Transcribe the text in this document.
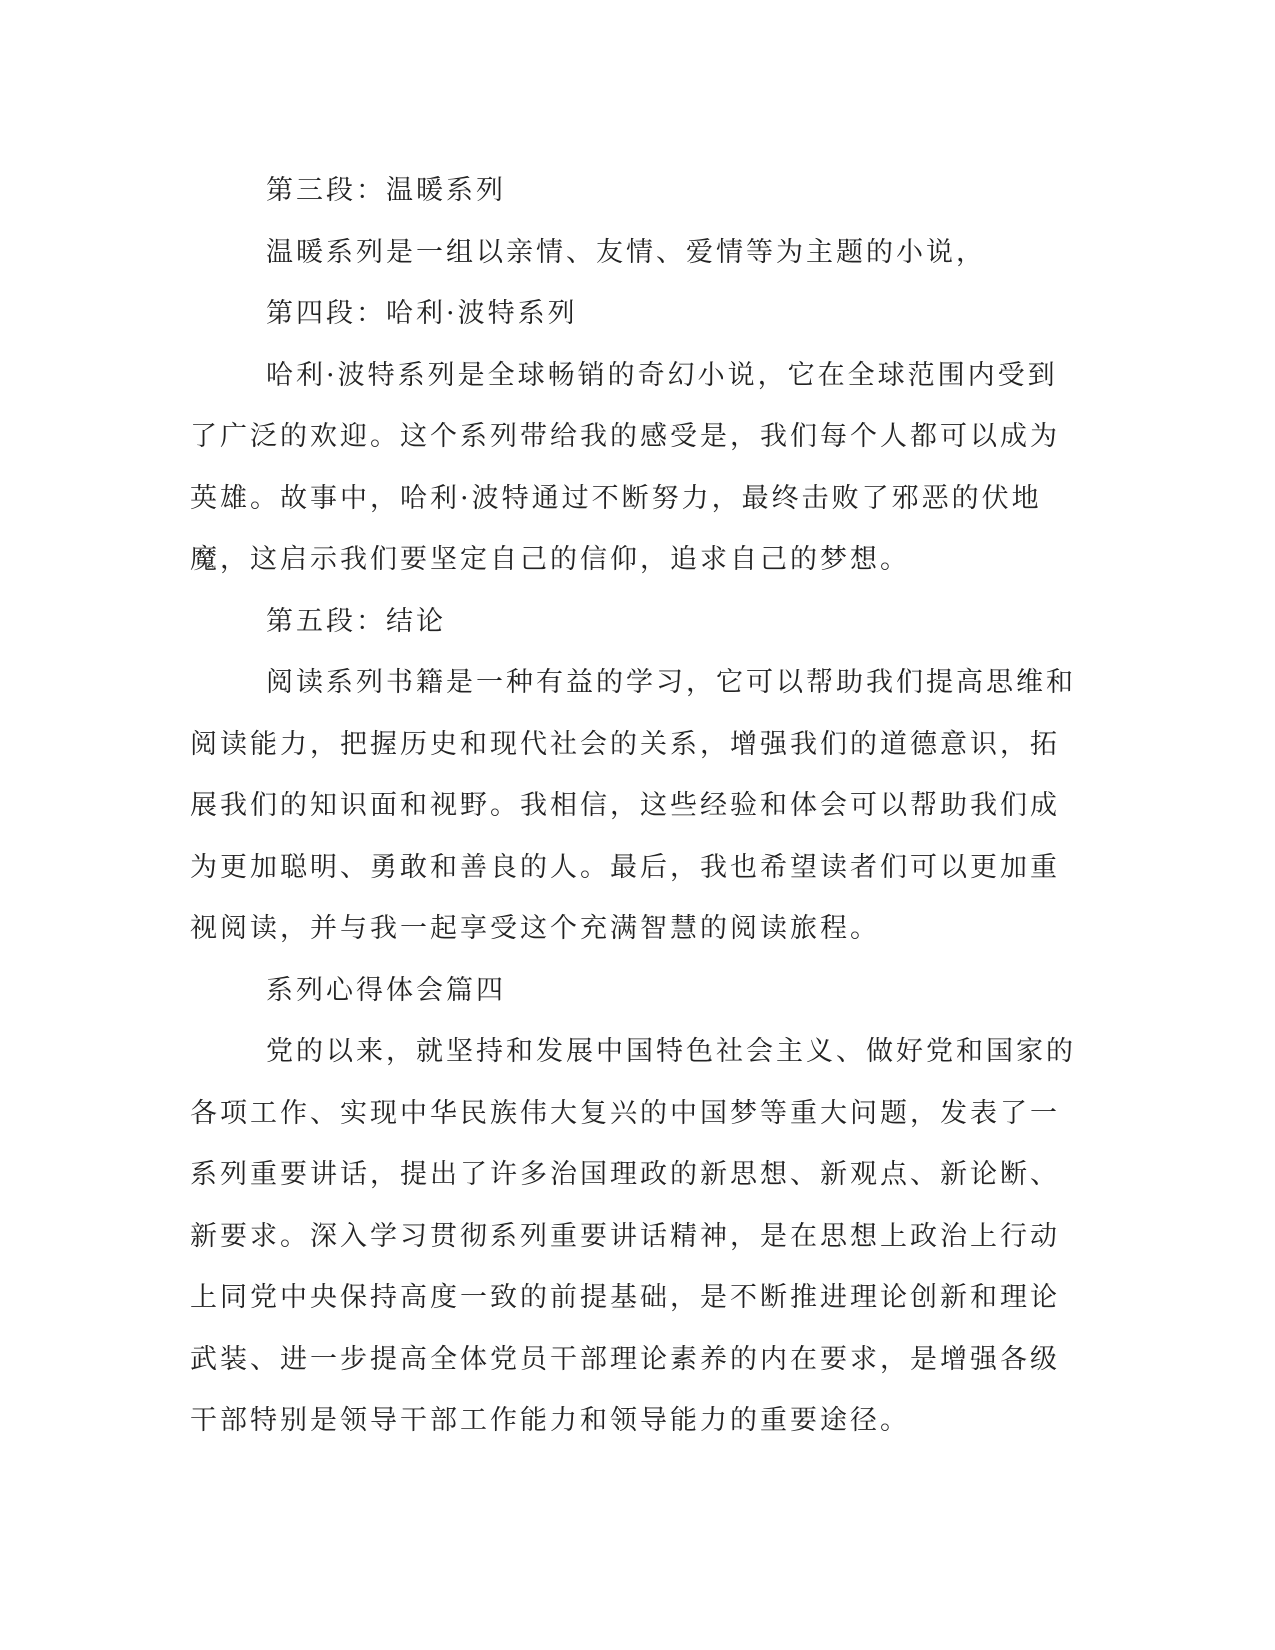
第三段：温暖系列

温暖系列是一组以亲情、友情、爱情等为主题的小说，

第四段：哈利·波特系列

哈利·波特系列是全球畅销的奇幻小说，它在全球范围内受到了广泛的欢迎。这个系列带给我的感受是，我们每个人都可以成为英雄。故事中，哈利·波特通过不断努力，最终击败了邪恶的伏地魔，这启示我们要坚定自己的信仰，追求自己的梦想。

第五段：结论

阅读系列书籍是一种有益的学习，它可以帮助我们提高思维和阅读能力，把握历史和现代社会的关系，增强我们的道德意识，拓展我们的知识面和视野。我相信，这些经验和体会可以帮助我们成为更加聪明、勇敢和善良的人。最后，我也希望读者们可以更加重视阅读，并与我一起享受这个充满智慧的阅读旅程。

系列心得体会篇四

党的以来，就坚持和发展中国特色社会主义、做好党和国家的各项工作、实现中华民族伟大复兴的中国梦等重大问题，发表了一系列重要讲话，提出了许多治国理政的新思想、新观点、新论断、新要求。深入学习贯彻系列重要讲话精神，是在思想上政治上行动上同党中央保持高度一致的前提基础，是不断推进理论创新和理论武装、进一步提高全体党员干部理论素养的内在要求，是增强各级干部特别是领导干部工作能力和领导能力的重要途径。
